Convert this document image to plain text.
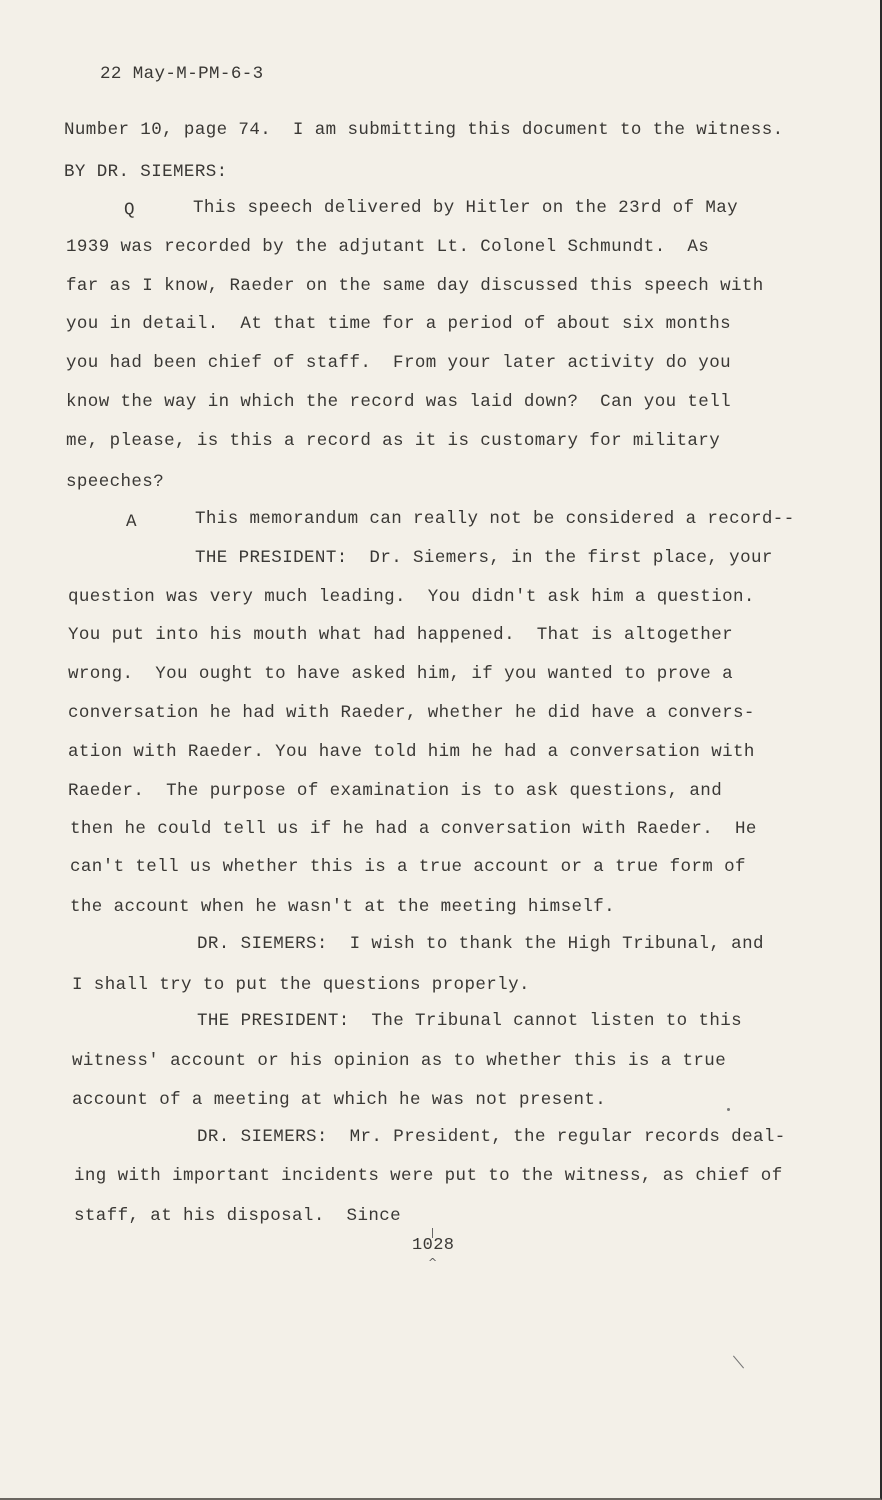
22 May-M-PM-6-3
Number 10, page 74.  I am submitting this document to the witness.
BY DR. SIEMERS:
Q	This speech delivered by Hitler on the 23rd of May
1939 was recorded by the adjutant Lt. Colonel Schmundt.  As
far as I know, Raeder on the same day discussed this speech with
you in detail.  At that time for a period of about six months
you had been chief of staff.  From your later activity do you
know the way in which the record was laid down?  Can you tell
me, please, is this a record as it is customary for military
speeches?
A	This memorandum can really not be considered a record--
THE PRESIDENT:  Dr. Siemers, in the first place, your
question was very much leading.  You didn't ask him a question.
You put into his mouth what had happened.  That is altogether
wrong.  You ought to have asked him, if you wanted to prove a
conversation he had with Raeder, whether he did have a convers-
ation with Raeder. You have told him he had a conversation with
Raeder.  The purpose of examination is to ask questions, and
then he could tell us if he had a conversation with Raeder.  He
can't tell us whether this is a true account or a true form of
the account when he wasn't at the meeting himself.
DR. SIEMERS:  I wish to thank the High Tribunal, and
I shall try to put the questions properly.
THE PRESIDENT:  The Tribunal cannot listen to this
witness' account or his opinion as to whether this is a true
account of a meeting at which he was not present.
DR. SIEMERS:  Mr. President, the regular records deal-
ing with important incidents were put to the witness, as chief of
staff, at his disposal.  Since
1028
^
